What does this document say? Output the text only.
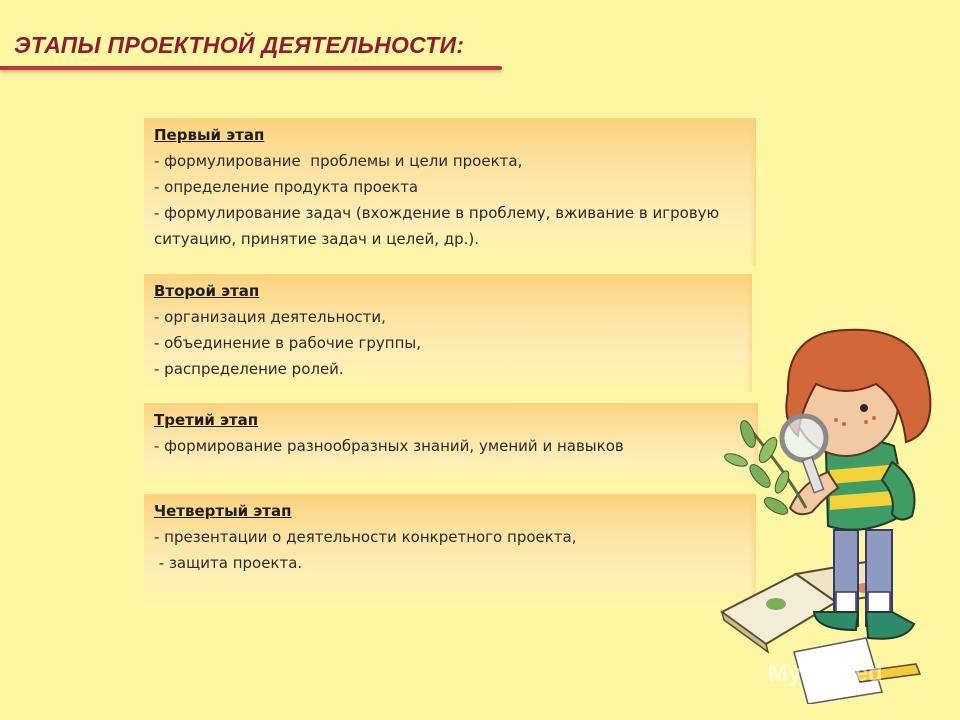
ЭТАПЫ ПРОЕКТНОЙ ДЕЯТЕЛЬНОСТИ:
Первый этап
- формулирование  проблемы и цели проекта,
- определение продукта проекта
- формулирование задач (вхождение в проблему, вживание в игровую ситуацию, принятие задач и целей, др.).
Второй этап
- организация деятельности,
- объединение в рабочие группы,
- распределение ролей.
Третий этап
- формирование разнообразных знаний, умений и навыков
Четвертый этап
- презентации о деятельности конкретного проекта,
- защита проекта.
MyShared
